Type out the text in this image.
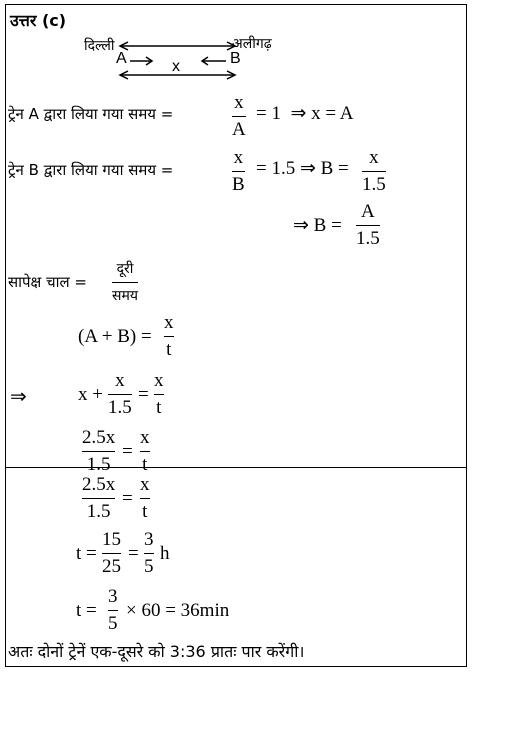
उत्तर (c)
दिल्ली	अलीगढ़
A	B
x
ट्रेन A द्वारा लिया गया समय =
x
A
= 1  ⇒ x = A
ट्रेन B द्वारा लिया गया समय =
x
B
= 1.5 ⇒ B =
x
1.5
⇒ B =
A
1.5
सापेक्ष चाल =
दूरी
समय
(A + B) =
x
t
⇒	x +
x
1.5
=
x
t
2.5x
1.5
=
x
t
2.5x
1.5
=
x
t
t =
15
25
=
3
5
h
t =
3
5
× 60 = 36min
अतः दोनों ट्रेनें एक-दूसरे को 3:36 प्रातः पार करेंगी।
